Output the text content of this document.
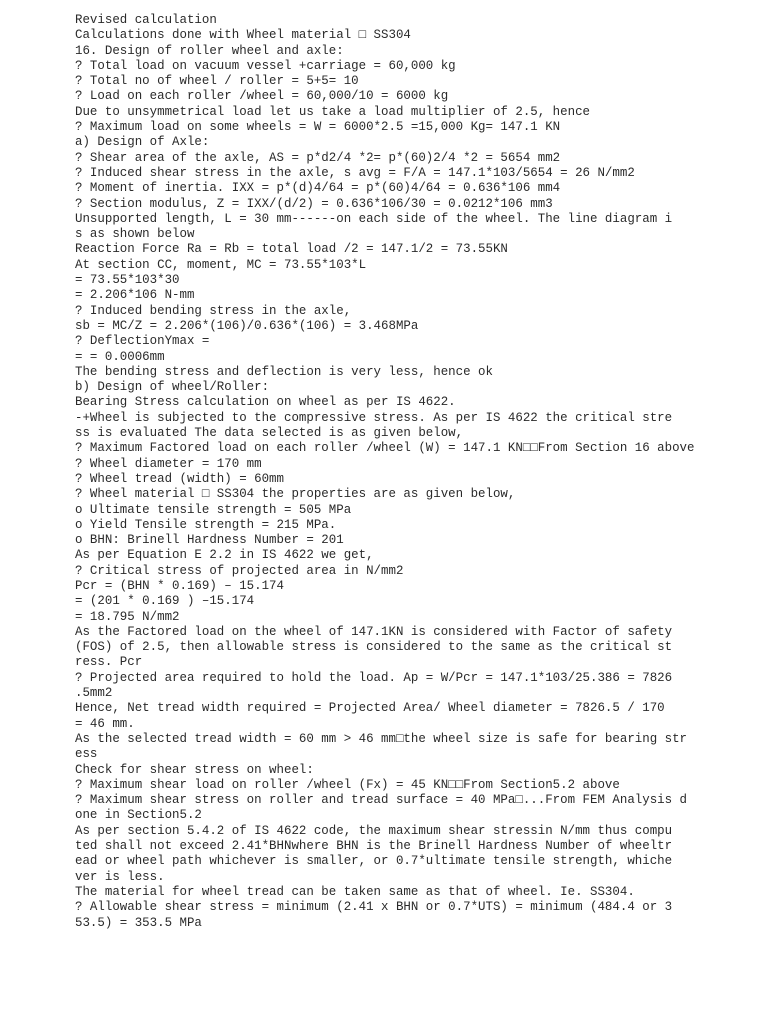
Revised calculation
Calculations done with Wheel material □ SS304
16. Design of roller wheel and axle:
? Total load on vacuum vessel +carriage = 60,000 kg
? Total no of wheel / roller = 5+5= 10
? Load on each roller /wheel = 60,000/10 = 6000 kg
Due to unsymmetrical load let us take a load multiplier of 2.5, hence
? Maximum load on some wheels = W = 6000*2.5 =15,000 Kg= 147.1 KN
a) Design of Axle:
? Shear area of the axle, AS = p*d2/4 *2= p*(60)2/4 *2 = 5654 mm2
? Induced shear stress in the axle, s avg = F/A = 147.1*103/5654 = 26 N/mm2
? Moment of inertia. IXX = p*(d)4/64 = p*(60)4/64 = 0.636*106 mm4
? Section modulus, Z = IXX/(d/2) = 0.636*106/30 = 0.0212*106 mm3
Unsupported length, L = 30 mm------on each side of the wheel. The line diagram i
s as shown below
Reaction Force Ra = Rb = total load /2 = 147.1/2 = 73.55KN
At section CC, moment, MC = 73.55*103*L
= 73.55*103*30
= 2.206*106 N-mm
? Induced bending stress in the axle,
sb = MC/Z = 2.206*(106)/0.636*(106) = 3.468MPa
? DeflectionYmax =
= = 0.0006mm
The bending stress and deflection is very less, hence ok
b) Design of wheel/Roller:
Bearing Stress calculation on wheel as per IS 4622.
-+Wheel is subjected to the compressive stress. As per IS 4622 the critical stre
ss is evaluated The data selected is as given below,
? Maximum Factored load on each roller /wheel (W) = 147.1 KN□□From Section 16 above
? Wheel diameter = 170 mm
? Wheel tread (width) = 60mm
? Wheel material □ SS304 the properties are as given below,
o Ultimate tensile strength = 505 MPa
o Yield Tensile strength = 215 MPa.
o BHN: Brinell Hardness Number = 201
As per Equation E 2.2 in IS 4622 we get,
? Critical stress of projected area in N/mm2
Pcr = (BHN * 0.169) – 15.174
= (201 * 0.169 ) –15.174
= 18.795 N/mm2
As the Factored load on the wheel of 147.1KN is considered with Factor of safety
(FOS) of 2.5, then allowable stress is considered to the same as the critical st
ress. Pcr
? Projected area required to hold the load. Ap = W/Pcr = 147.1*103/25.386 = 7826
.5mm2
Hence, Net tread width required = Projected Area/ Wheel diameter = 7826.5 / 170
= 46 mm.
As the selected tread width = 60 mm > 46 mm□the wheel size is safe for bearing str
ess
Check for shear stress on wheel:
? Maximum shear load on roller /wheel (Fx) = 45 KN□□From Section5.2 above
? Maximum shear stress on roller and tread surface = 40 MPa□...From FEM Analysis d
one in Section5.2
As per section 5.4.2 of IS 4622 code, the maximum shear stressin N/mm thus compu
ted shall not exceed 2.41*BHNwhere BHN is the Brinell Hardness Number of wheeltr
ead or wheel path whichever is smaller, or 0.7*ultimate tensile strength, whiche
ver is less.
The material for wheel tread can be taken same as that of wheel. Ie. SS304.
? Allowable shear stress = minimum (2.41 x BHN or 0.7*UTS) = minimum (484.4 or 3
53.5) = 353.5 MPa
